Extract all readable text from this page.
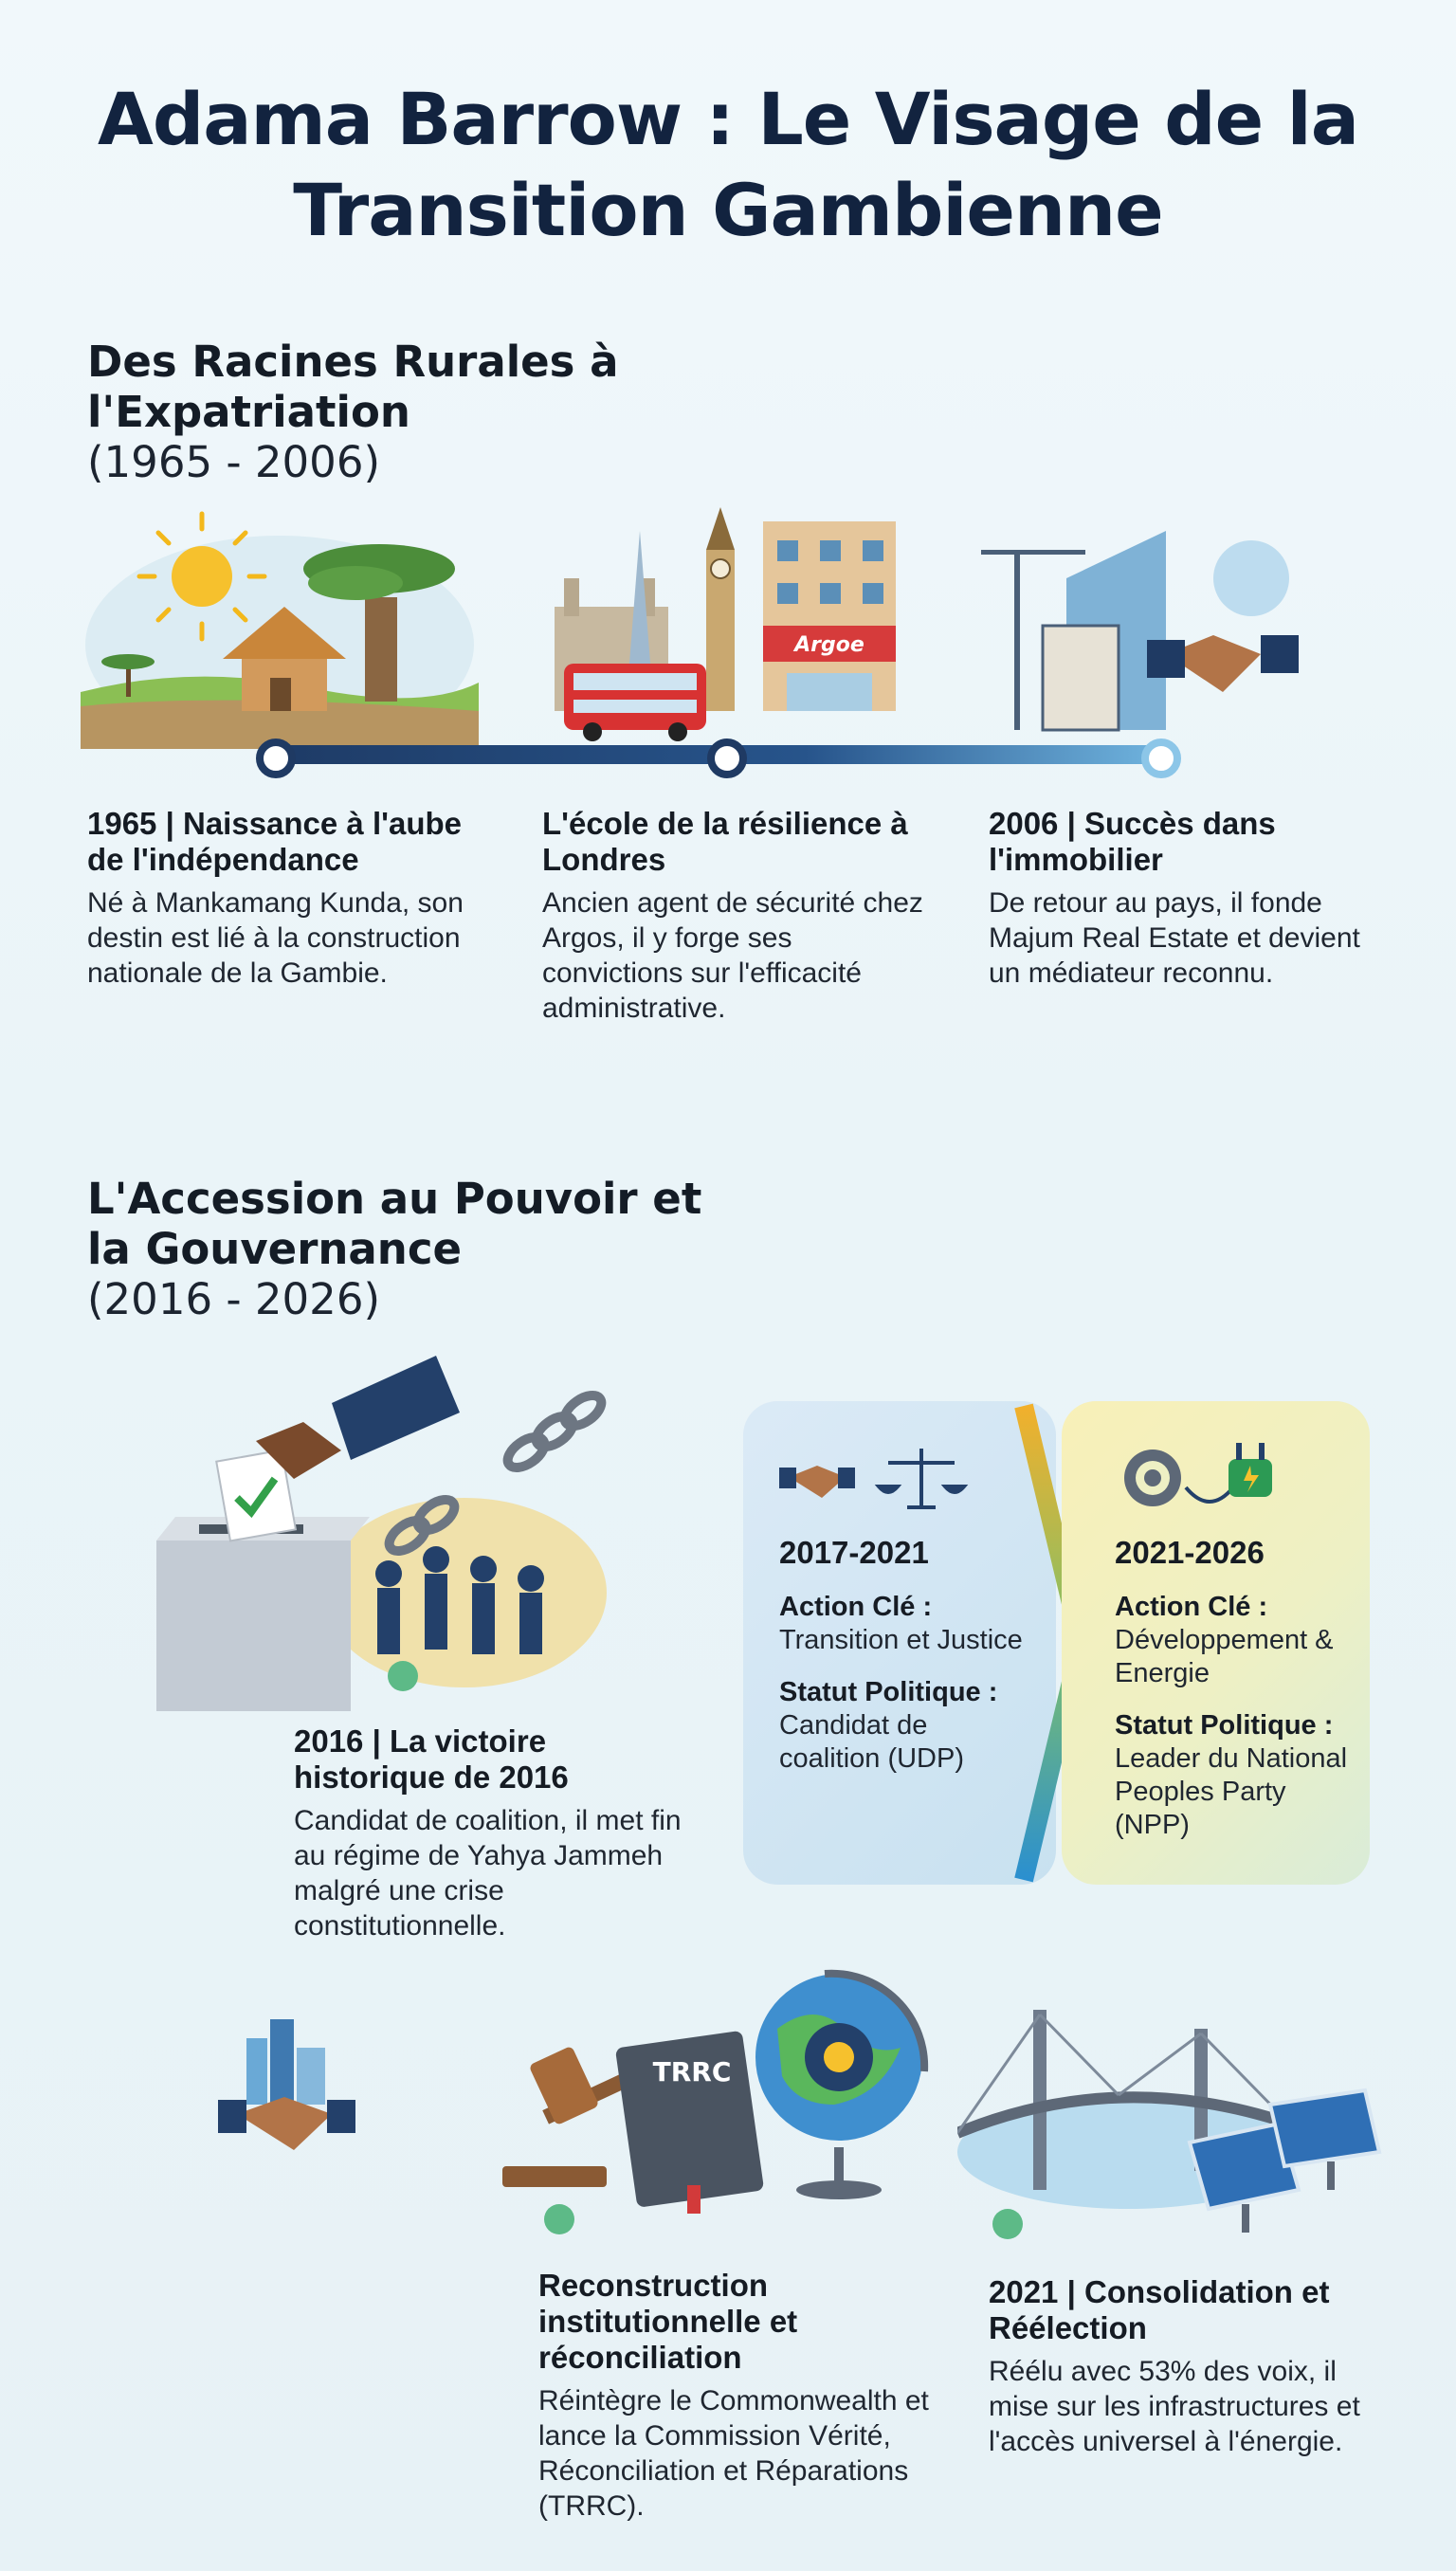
Adama Barrow : Le Visage de la Transition Gambienne

Des Racines Rurales à l'Expatriation

(1965 - 2006)

Argoe

1965 | Naissance à l'aube de l'indépendance

Né à Mankamang Kunda, son destin est lié à la construction nationale de la Gambie.

L'école de la résilience à Londres

Ancien agent de sécurité chez Argos, il y forge ses convictions sur l'efficacité administrative.

2006 | Succès dans l'immobilier

De retour au pays, il fonde Majum Real Estate et devient un médiateur reconnu.

L'Accession au Pouvoir et la Gouvernance

(2016 - 2026)

2016 | La victoire historique de 2016

Candidat de coalition, il met fin au régime de Yahya Jammeh malgré une crise constitutionnelle.

2017-2021

Action Clé :

Transition et Justice

Statut Politique :

Candidat de coalition (UDP)

2021-2026

Action Clé :

Développement & Energie

Statut Politique :

Leader du National Peoples Party (NPP)

TRRC

Reconstruction institutionnelle et réconciliation

Réintègre le Commonwealth et lance la Commission Vérité, Réconciliation et Réparations (TRRC).

2021 | Consolidation et Réélection

Réélu avec 53% des voix, il mise sur les infrastructures et l'accès universel à l'énergie.
